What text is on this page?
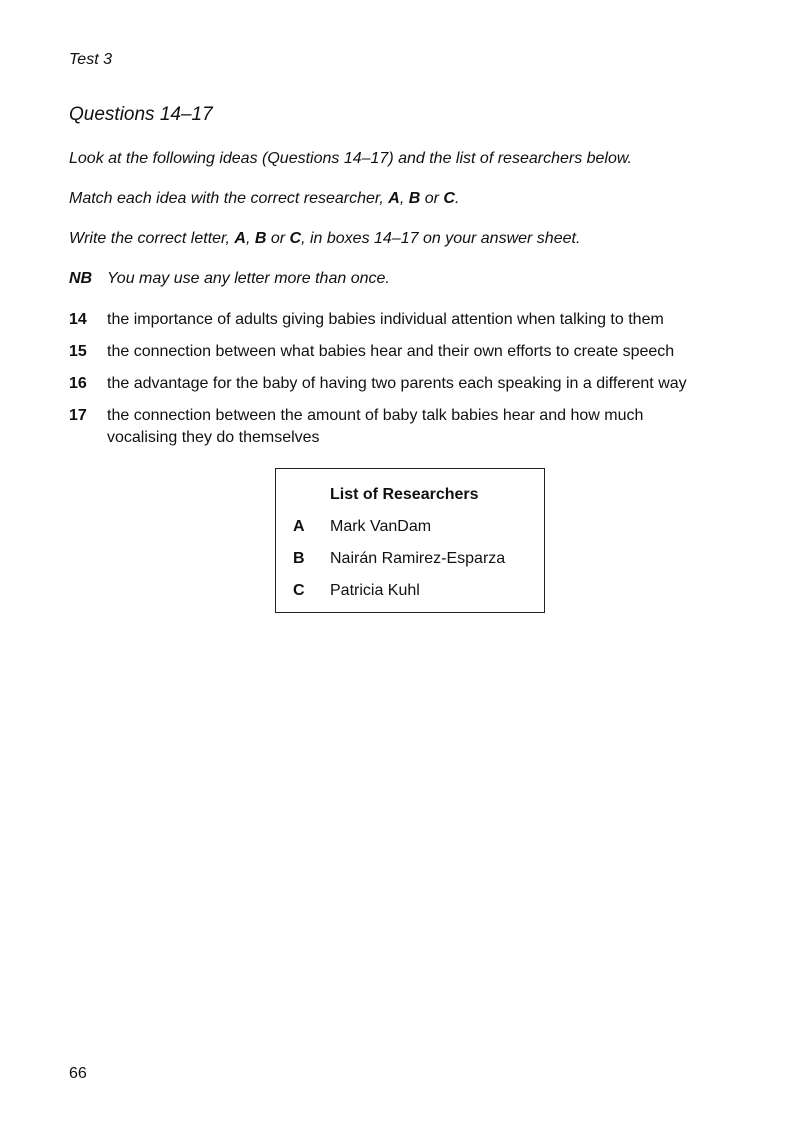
Test 3
Questions 14–17
Look at the following ideas (Questions 14–17) and the list of researchers below.
Match each idea with the correct researcher, A, B or C.
Write the correct letter, A, B or C, in boxes 14–17 on your answer sheet.
NB You may use any letter more than once.
14 the importance of adults giving babies individual attention when talking to them
15 the connection between what babies hear and their own efforts to create speech
16 the advantage for the baby of having two parents each speaking in a different way
17 the connection between the amount of baby talk babies hear and how much vocalising they do themselves
List of Researchers
A Mark VanDam
B Nairán Ramirez-Esparza
C Patricia Kuhl
66
